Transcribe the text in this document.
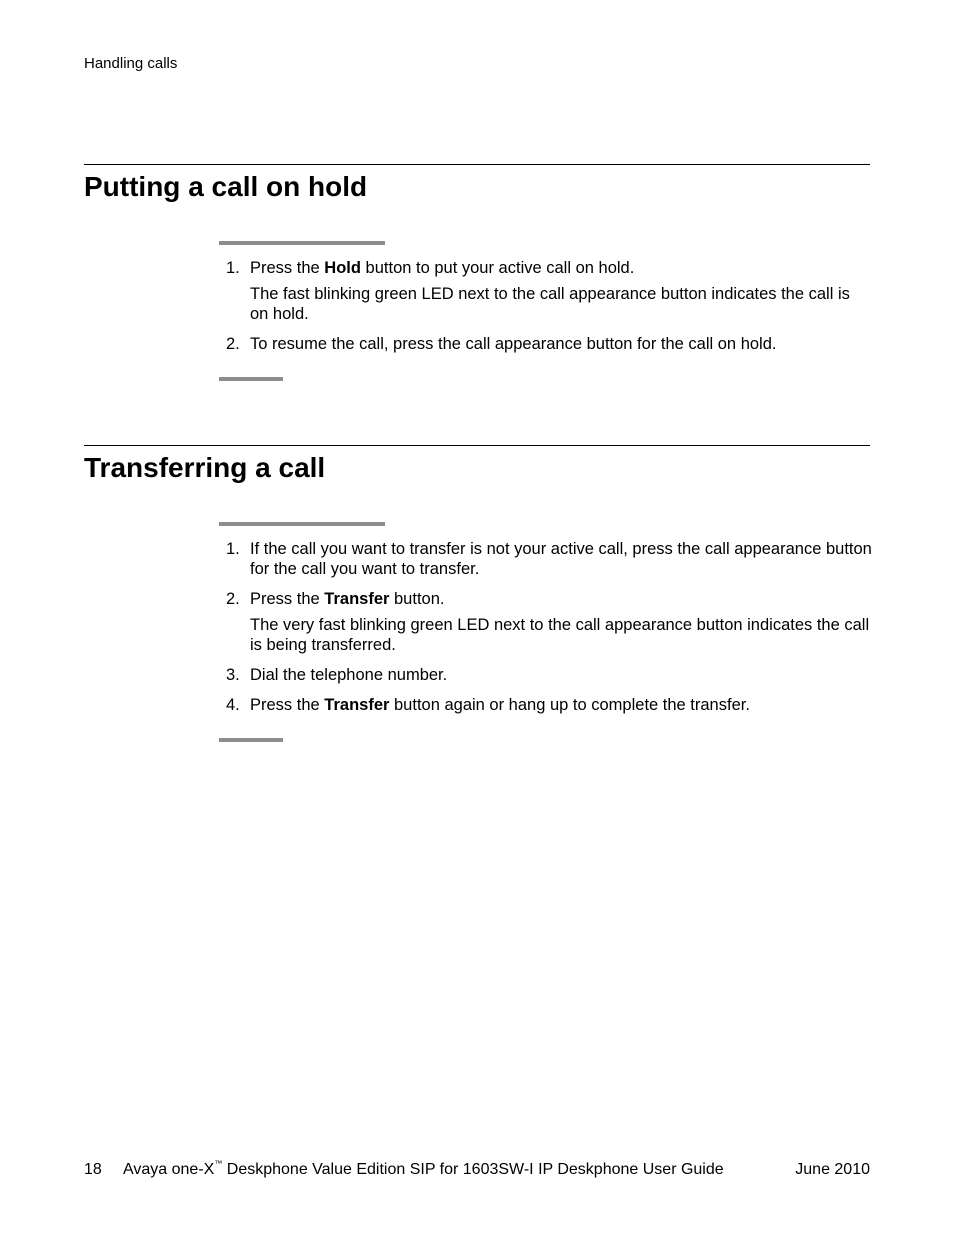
Handling calls
Putting a call on hold
1. Press the Hold button to put your active call on hold.
The fast blinking green LED next to the call appearance button indicates the call is on hold.
2. To resume the call, press the call appearance button for the call on hold.
Transferring a call
1. If the call you want to transfer is not your active call, press the call appearance button for the call you want to transfer.
2. Press the Transfer button.
The very fast blinking green LED next to the call appearance button indicates the call is being transferred.
3. Dial the telephone number.
4. Press the Transfer button again or hang up to complete the transfer.
18 Avaya one-X™ Deskphone Value Edition SIP for 1603SW-I IP Deskphone User Guide	June 2010
